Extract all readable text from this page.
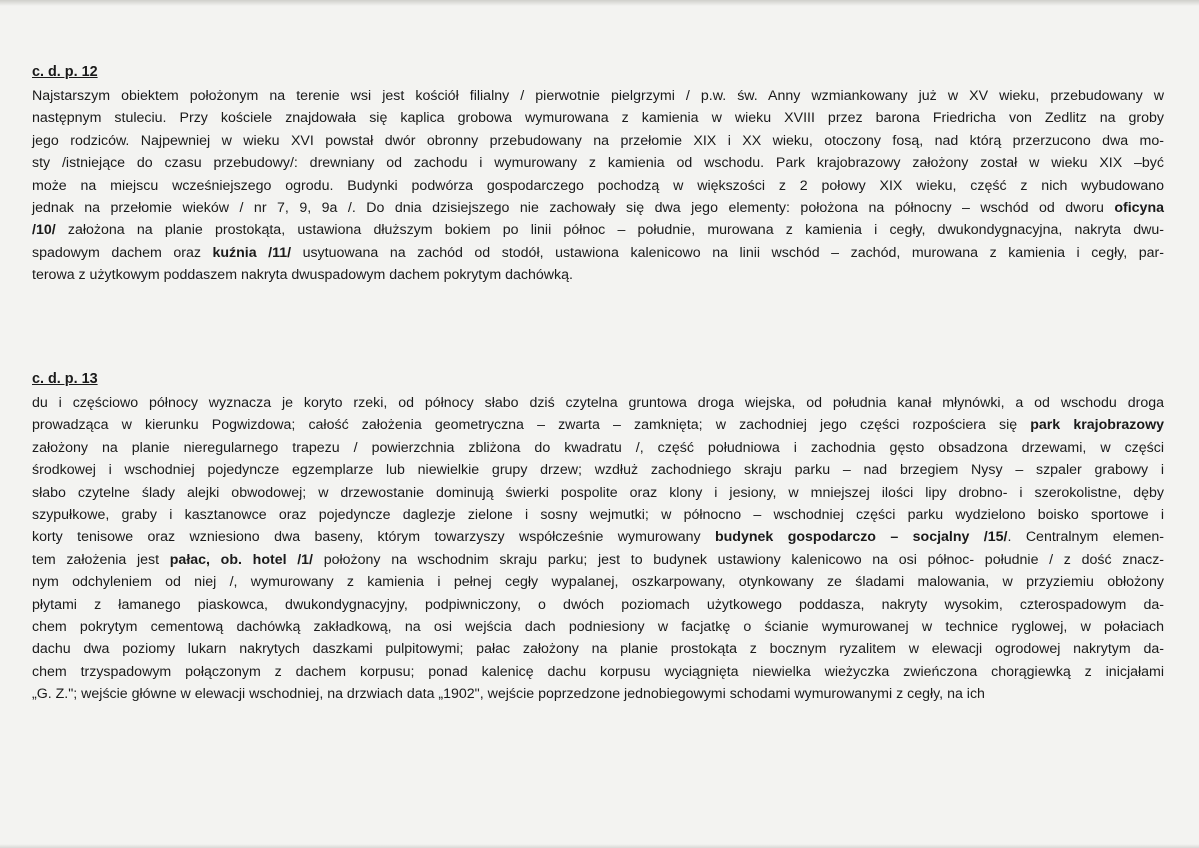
c. d. p. 12
Najstarszym obiektem położonym na terenie wsi jest kościół filialny / pierwotnie pielgrzymi / p.w. św. Anny wzmiankowany już w XV wieku, przebudowany w
następnym stuleciu. Przy kościele znajdowała się kaplica grobowa wymurowana z kamienia w wieku XVIII przez barona Friedricha von Zedlitz na groby
jego rodziców. Najpewniej w wieku XVI powstał dwór obronny przebudowany na przełomie XIX i XX wieku, otoczony fosą, nad którą przerzucono dwa mo-
sty /istniejące do czasu przebudowy/: drewniany od zachodu i wymurowany z kamienia od wschodu. Park krajobrazowy założony został w wieku XIX –być
może na miejscu wcześniejszego ogrodu. Budynki podwórza gospodarczego pochodzą w większości z 2 połowy XIX wieku, część z nich wybudowano
jednak na przełomie wieków / nr 7, 9, 9a /. Do dnia dzisiejszego nie zachowały się dwa jego elementy: położona na północny – wschód od dworu oficyna
/10/ założona na planie prostokąta, ustawiona dłuższym bokiem po linii północ – południe, murowana z kamienia i cegły, dwukondygnacyjna, nakryta dwu-
spadowym dachem oraz kuźnia /11/ usytuowana na zachód od stodół, ustawiona kalenicowo na linii wschód – zachód, murowana z kamienia i cegły, par-
terowa z użytkowym poddaszem nakryta dwuspadowym dachem pokrytym dachówką.
c. d. p. 13
du i częściowo północy wyznacza je koryto rzeki, od północy słabo dziś czytelna gruntowa droga wiejska, od południa kanał młynówki, a od wschodu droga
prowadząca w kierunku Pogwizdowa; całość założenia geometryczna – zwarta – zamknięta; w zachodniej jego części rozpościera się park krajobrazowy
założony na planie nieregularnego trapezu / powierzchnia zbliżona do kwadratu /, część południowa i zachodnia gęsto obsadzona drzewami, w części
środkowej i wschodniej pojedyncze egzemplarze lub niewielkie grupy drzew; wzdłuż zachodniego skraju parku – nad brzegiem Nysy – szpaler grabowy i
słabo czytelne ślady alejki obwodowej; w drzewostanie dominują świerki pospolite oraz klony i jesiony, w mniejszej ilości lipy drobno- i szerokolistne, dęby
szypułkowe, graby i kasztanowce oraz pojedyncze daglezje zielone i sosny wejmutki; w północno – wschodniej części parku wydzielono boisko sportowe i
korty tenisowe oraz wzniesiono dwa baseny, którym towarzyszy współcześnie wymurowany budynek gospodarczo – socjalny /15/. Centralnym elemen-
tem założenia jest pałac, ob. hotel /1/ położony na wschodnim skraju parku; jest to budynek ustawiony kalenicowo na osi północ- południe / z dość znacz-
nym odchyleniem od niej /, wymurowany z kamienia i pełnej cegły wypalanej, oszkarpowany, otynkowany ze śladami malowania, w przyziemiu obłożony
płytami z łamanego piaskowca, dwukondygnacyjny, podpiwniczony, o dwóch poziomach użytkowego poddasza, nakryty wysokim, czterospadowym da-
chem pokrytym cementową dachówką zakładkową, na osi wejścia dach podniesiony w facjatkę o ścianie wymurowanej w technice ryglowej, w połaciach
dachu dwa poziomy lukarn nakrytych daszkami pulpitowymi; pałac założony na planie prostokąta z bocznym ryzalitem w elewacji ogrodowej nakrytym da-
chem trzyspadowym połączonym z dachem korpusu; ponad kalenicę dachu korpusu wyciągnięta niewielka wieżyczka zwieńczona chorągiewką z inicjałami
„G. Z."; wejście główne w elewacji wschodniej, na drzwiach data „1902", wejście poprzedzone jednobiegowymi schodami wymurowanymi z cegły, na ich
